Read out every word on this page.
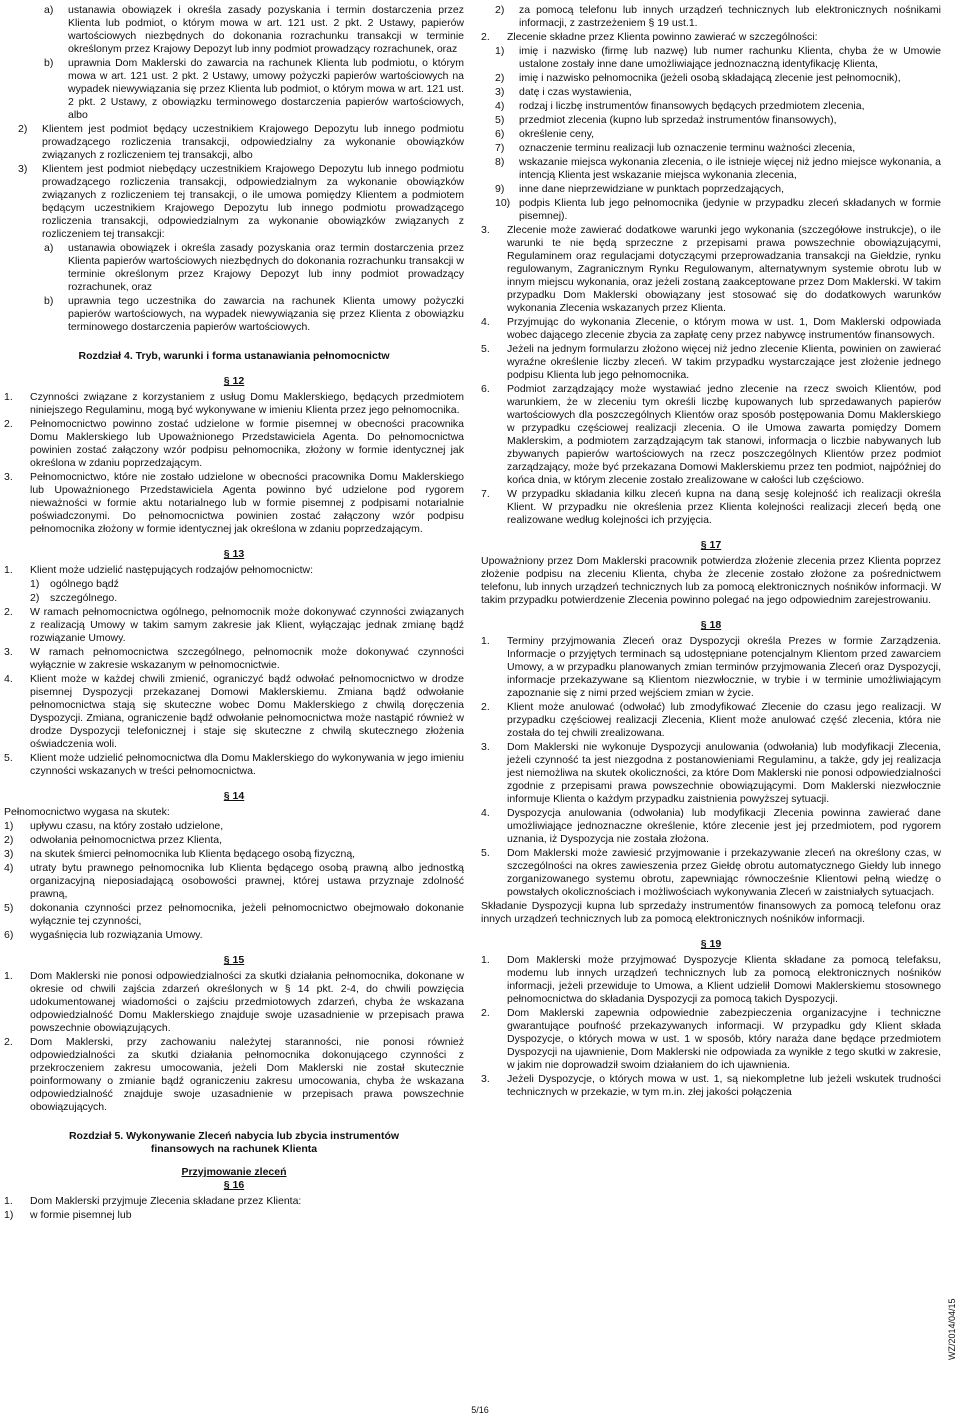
a) ustanawia obowiązek i określa zasady pozyskania i termin dostarczenia przez Klienta lub podmiot, o którym mowa w art. 121 ust. 2 pkt. 2 Ustawy, papierów wartościowych niezbędnych do dokonania rozrachunku transakcji w terminie określonym przez Krajowy Depozyt lub inny podmiot prowadzący rozrachunek, oraz
b) uprawnia Dom Maklerski do zawarcia na rachunek Klienta lub podmiotu, o którym mowa w art. 121 ust. 2 pkt. 2 Ustawy, umowy pożyczki papierów wartościowych na wypadek niewywiązania się przez Klienta lub podmiot, o którym mowa w art. 121 ust. 2 pkt. 2 Ustawy, z obowiązku terminowego dostarczenia papierów wartościowych, albo
2) Klientem jest podmiot będący uczestnikiem Krajowego Depozytu lub innego podmiotu prowadzącego rozliczenia transakcji, odpowiedzialny za wykonanie obowiązków związanych z rozliczeniem tej transakcji, albo
3) Klientem jest podmiot niebędący uczestnikiem Krajowego Depozytu lub innego podmiotu prowadzącego rozliczenia transakcji, odpowiedzialnym za wykonanie obowiązków związanych z rozliczeniem tej transakcji, o ile umowa pomiędzy Klientem a podmiotem będącym uczestnikiem Krajowego Depozytu lub innego podmiotu prowadzącego rozliczenia transakcji, odpowiedzialnym za wykonanie obowiązków związanych z rozliczeniem tej transakcji:
a) ustanawia obowiązek i określa zasady pozyskania oraz termin dostarczenia przez Klienta papierów wartościowych niezbędnych do dokonania rozrachunku transakcji w terminie określonym przez Krajowy Depozyt lub inny podmiot prowadzący rozrachunek, oraz
b) uprawnia tego uczestnika do zawarcia na rachunek Klienta umowy pożyczki papierów wartościowych, na wypadek niewywiązania się przez Klienta z obowiązku terminowego dostarczenia papierów wartościowych.
Rozdział 4. Tryb, warunki i forma ustanawiania pełnomocnictw
§ 12
1. Czynności związane z korzystaniem z usług Domu Maklerskiego, będących przedmiotem niniejszego Regulaminu, mogą być wykonywane w imieniu Klienta przez jego pełnomocnika.
2. Pełnomocnictwo powinno zostać udzielone w formie pisemnej w obecności pracownika Domu Maklerskiego lub Upoważnionego Przedstawiciela Agenta. Do pełnomocnictwa powinien zostać załączony wzór podpisu pełnomocnika, złożony w formie identycznej jak określona w zdaniu poprzedzającym.
3. Pełnomocnictwo, które nie zostało udzielone w obecności pracownika Domu Maklerskiego lub Upoważnionego Przedstawiciela Agenta powinno być udzielone pod rygorem nieważności w formie aktu notarialnego lub w formie pisemnej z podpisami notarialnie poświadczonymi. Do pełnomocnictwa powinien zostać załączony wzór podpisu pełnomocnika złożony w formie identycznej jak określona w zdaniu poprzedzającym.
§ 13
1. Klient może udzielić następujących rodzajów pełnomocnictw:
1) ogólnego bądź
2) szczególnego.
2. W ramach pełnomocnictwa ogólnego, pełnomocnik może dokonywać czynności związanych z realizacją Umowy w takim samym zakresie jak Klient, wyłączając jednak zmianę bądź rozwiązanie Umowy.
3. W ramach pełnomocnictwa szczególnego, pełnomocnik może dokonywać czynności wyłącznie w zakresie wskazanym w pełnomocnictwie.
4. Klient może w każdej chwili zmienić, ograniczyć bądź odwołać pełnomocnictwo w drodze pisemnej Dyspozycji przekazanej Domowi Maklerskiemu. Zmiana bądź odwołanie pełnomocnictwa stają się skuteczne wobec Domu Maklerskiego z chwilą doręczenia Dyspozycji. Zmiana, ograniczenie bądź odwołanie pełnomocnictwa może nastąpić również w drodze Dyspozycji telefonicznej i staje się skuteczne z chwilą skutecznego złożenia oświadczenia woli.
5. Klient może udzielić pełnomocnictwa dla Domu Maklerskiego do wykonywania w jego imieniu czynności wskazanych w treści pełnomocnictwa.
§ 14
Pełnomocnictwo wygasa na skutek:
1) upływu czasu, na który zostało udzielone,
2) odwołania pełnomocnictwa przez Klienta,
3) na skutek śmierci pełnomocnika lub Klienta będącego osobą fizyczną,
4) utraty bytu prawnego pełnomocnika lub Klienta będącego osobą prawną albo jednostką organizacyjną nieposiadającą osobowości prawnej, której ustawa przyznaje zdolność prawną,
5) dokonania czynności przez pełnomocnika, jeżeli pełnomocnictwo obejmowało dokonanie wyłącznie tej czynności,
6) wygaśnięcia lub rozwiązania Umowy.
§ 15
1. Dom Maklerski nie ponosi odpowiedzialności za skutki działania pełnomocnika, dokonane w okresie od chwili zajścia zdarzeń określonych w § 14 pkt. 2-4, do chwili powzięcia udokumentowanej wiadomości o zajściu przedmiotowych zdarzeń, chyba że wskazana odpowiedzialność Domu Maklerskiego znajduje swoje uzasadnienie w przepisach prawa powszechnie obowiązujących.
2. Dom Maklerski, przy zachowaniu należytej staranności, nie ponosi również odpowiedzialności za skutki działania pełnomocnika dokonującego czynności z przekroczeniem zakresu umocowania, jeżeli Dom Maklerski nie został skutecznie poinformowany o zmianie bądź ograniczeniu zakresu umocowania, chyba że wskazana odpowiedzialność znajduje swoje uzasadnienie w przepisach prawa powszechnie obowiązujących.
Rozdział 5. Wykonywanie Zleceń nabycia lub zbycia instrumentów
finansowych na rachunek Klienta
Przyjmowanie zleceń
§ 16
1. Dom Maklerski przyjmuje Zlecenia składane przez Klienta:
1) w formie pisemnej lub
2) za pomocą telefonu lub innych urządzeń technicznych lub elektronicznych nośnikami informacji, z zastrzeżeniem § 19 ust.1.
2. Zlecenie składne przez Klienta powinno zawierać w szczególności:
1) imię i nazwisko (firmę lub nazwę) lub numer rachunku Klienta, chyba że w Umowie ustalone zostały inne dane umożliwiające jednoznaczną identyfikację Klienta,
2) imię i nazwisko pełnomocnika (jeżeli osobą składającą zlecenie jest pełnomocnik),
3) datę i czas wystawienia,
4) rodzaj i liczbę instrumentów finansowych będących przedmiotem zlecenia,
5) przedmiot zlecenia (kupno lub sprzedaż instrumentów finansowych),
6) określenie ceny,
7) oznaczenie terminu realizacji lub oznaczenie terminu ważności zlecenia,
8) wskazanie miejsca wykonania zlecenia, o ile istnieje więcej niż jedno miejsce wykonania, a intencją Klienta jest wskazanie miejsca wykonania zlecenia,
9) inne dane nieprzewidziane w punktach poprzedzających,
10) podpis Klienta lub jego pełnomocnika (jedynie w przypadku zleceń składanych w formie pisemnej).
3. Zlecenie może zawierać dodatkowe warunki jego wykonania (szczegółowe instrukcje), o ile warunki te nie będą sprzeczne z przepisami prawa powszechnie obowiązującymi, Regulaminem oraz regulacjami dotyczącymi przeprowadzania transakcji na Giełdzie, rynku regulowanym, Zagranicznym Rynku Regulowanym, alternatywnym systemie obrotu lub w innym miejscu wykonania, oraz jeżeli zostaną zaakceptowane przez Dom Maklerski. W takim przypadku Dom Maklerski obowiązany jest stosować się do dodatkowych warunków wykonania Zlecenia wskazanych przez Klienta.
4. Przyjmując do wykonania Zlecenie, o którym mowa w ust. 1, Dom Maklerski odpowiada wobec dającego zlecenie zbycia za zapłatę ceny przez nabywcę instrumentów finansowych.
5. Jeżeli na jednym formularzu złożono więcej niż jedno zlecenie Klienta, powinien on zawierać wyraźne określenie liczby zleceń. W takim przypadku wystarczające jest złożenie jednego podpisu Klienta lub jego pełnomocnika.
6. Podmiot zarządzający może wystawiać jedno zlecenie na rzecz swoich Klientów, pod warunkiem, że w zleceniu tym określi liczbę kupowanych lub sprzedawanych papierów wartościowych dla poszczególnych Klientów oraz sposób postępowania Domu Maklerskiego w przypadku częściowej realizacji zlecenia. O ile Umowa zawarta pomiędzy Domem Maklerskim, a podmiotem zarządzającym tak stanowi, informacja o liczbie nabywanych lub zbywanych papierów wartościowych na rzecz poszczególnych Klientów przez podmiot zarządzający, może być przekazana Domowi Maklerskiemu przez ten podmiot, najpóźniej do końca dnia, w którym zlecenie zostało zrealizowane w całości lub częściowo.
7. W przypadku składania kilku zleceń kupna na daną sesję kolejność ich realizacji określa Klient. W przypadku nie określenia przez Klienta kolejności realizacji zleceń będą one realizowane według kolejności ich przyjęcia.
§ 17
Upoważniony przez Dom Maklerski pracownik potwierdza złożenie zlecenia przez Klienta poprzez złożenie podpisu na zleceniu Klienta, chyba że zlecenie zostało złożone za pośrednictwem telefonu, lub innych urządzeń technicznych lub za pomocą elektronicznych nośników informacji. W takim przypadku potwierdzenie Zlecenia powinno polegać na jego odpowiednim zarejestrowaniu.
§ 18
1. Terminy przyjmowania Zleceń oraz Dyspozycji określa Prezes w formie Zarządzenia. Informacje o przyjętych terminach są udostępniane potencjalnym Klientom przed zawarciem Umowy, a w przypadku planowanych zmian terminów przyjmowania Zleceń oraz Dyspozycji, informacje przekazywane są Klientom niezwłocznie, w trybie i w terminie umożliwiającym zapoznanie się z nimi przed wejściem zmian w życie.
2. Klient może anulować (odwołać) lub zmodyfikować Zlecenie do czasu jego realizacji. W przypadku częściowej realizacji Zlecenia, Klient może anulować część zlecenia, która nie została do tej chwili zrealizowana.
3. Dom Maklerski nie wykonuje Dyspozycji anulowania (odwołania) lub modyfikacji Zlecenia, jeżeli czynność ta jest niezgodna z postanowieniami Regulaminu, a także, gdy jej realizacja jest niemożliwa na skutek okoliczności, za które Dom Maklerski nie ponosi odpowiedzialności zgodnie z przepisami prawa powszechnie obowiązującymi. Dom Maklerski niezwłocznie informuje Klienta o każdym przypadku zaistnienia powyższej sytuacji.
4. Dyspozycja anulowania (odwołania) lub modyfikacji Zlecenia powinna zawierać dane umożliwiające jednoznaczne określenie, które zlecenie jest jej przedmiotem, pod rygorem uznania, iż Dyspozycja nie została złożona.
5. Dom Maklerski może zawiesić przyjmowanie i przekazywanie zleceń na określony czas, w szczególności na okres zawieszenia przez Giełdę obrotu automatycznego Giełdy lub innego zorganizowanego systemu obrotu, zapewniając równocześnie Klientowi pełną wiedzę o powstałych okolicznościach i możliwościach wykonywania Zleceń w zaistniałych sytuacjach.
Składanie Dyspozycji kupna lub sprzedaży instrumentów finansowych za pomocą telefonu oraz innych urządzeń technicznych lub za pomocą elektronicznych nośników informacji.
§ 19
1. Dom Maklerski może przyjmować Dyspozycje Klienta składane za pomocą telefaksu, modemu lub innych urządzeń technicznych lub za pomocą elektronicznych nośników informacji, jeżeli przewiduje to Umowa, a Klient udzielił Domowi Maklerskiemu stosownego pełnomocnictwa do składania Dyspozycji za pomocą takich Dyspozycji.
2. Dom Maklerski zapewnia odpowiednie zabezpieczenia organizacyjne i techniczne gwarantujące poufność przekazywanych informacji. W przypadku gdy Klient składa Dyspozycje, o których mowa w ust. 1 w sposób, który naraża dane będące przedmiotem Dyspozycji na ujawnienie, Dom Maklerski nie odpowiada za wynikłe z tego skutki w zakresie, w jakim nie doprowadził swoim działaniem do ich ujawnienia.
3. Jeżeli Dyspozycje, o których mowa w ust. 1, są niekompletne lub jeżeli wskutek trudności technicznych w przekazie, w tym m.in. złej jakości połączenia
WZ/2014/04/15
5/16
